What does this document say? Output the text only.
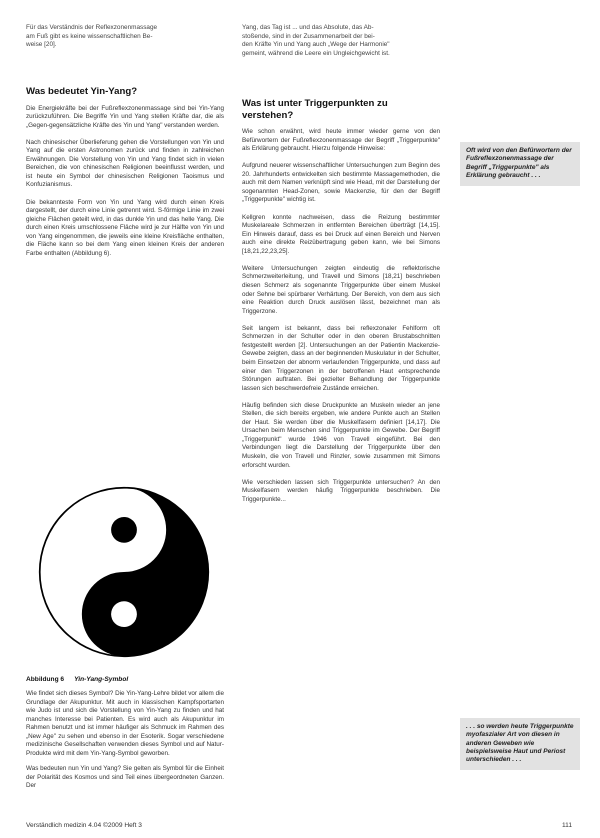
Für das Verständnis der Reflexzonenmassage
am Fuß gibt es keine wissenschaftlichen Be-
weise [20].
Yang, das Tag ist ... und das Absolute, das Ab-
stoßende, sind in der Zusammenarbeit der bei-
den Kräfte Yin und Yang auch „Wege der Harmonie"
gemeint, während die Leere ein Ungleichgewicht ist.
Was bedeutet Yin-Yang?

Die Energiekräfte bei der Fußreflexzonenmassage sind bei Yin-Yang zurückzuführen. Die Begriffe Yin und Yang stellen Kräfte dar, die als „Gegen-gegensätzliche Kräfte des Yin und Yang" verstanden werden.

Nach chinesischer Überlieferung gehen die Vorstellungen von Yin und Yang auf die ersten Astronomen zurück und finden in zahlreichen Erwähnungen. Die Vorstellung von Yin und Yang findet sich in vielen Bereichen, die von chinesischen Religionen beeinflusst werden, und ist heute ein Symbol der chinesischen Religionen Taoismus und Konfuzianismus.

Die bekannteste Form von Yin und Yang wird durch einen Kreis dargestellt, der durch eine Linie getrennt wird. S-förmige Linie im zwei gleiche Flächen geteilt wird, in das dunkle Yin und das helle Yang. Die durch einen Kreis umschlossene Fläche wird je zur Hälfte von Yin und von Yang eingenommen, die jeweils eine kleine Kreisfläche enthalten, die Fläche kann so bei dem Yang einen kleinen Kreis der anderen Farbe enthalten (Abbildung 6).

Abbildung 6 Yin-Yang-Symbol

Wie findet sich dieses Symbol? Die Yin-Yang-Lehre bildet vor allem die Grundlage der Akupunktur. Mit auch in klassischen Kampfsportarten wie Judo ist und sich die Vorstellung von Yin-Yang zu finden und hat manches Interesse bei Patienten. Es wird auch als Akupunktur im Rahmen benutzt und ist immer häufiger als Schmuck im Rahmen des „New Age" zu sehen und ebenso in der Esoterik. Sogar verschiedene medizinische Gesellschaften verwenden dieses Symbol und auf Natur-Produkte wird mit dem Yin-Yang-Symbol geworben.

Was bedeuten nun Yin und Yang? Sie gelten als Symbol für die Einheit der Polarität des Kosmos und sind Teil eines übergeordneten Ganzen. Der

Was ist unter Triggerpunkten zu verstehen?

Wie schon erwähnt, wird heute immer wieder gerne von den Befürwortern der Fußreflexzonenmassage der Begriff „Triggerpunkte" als Erklärung gebraucht. Hierzu folgende Hinweise:

Aufgrund neuerer wissenschaftlicher Untersuchungen zum Beginn des 20. Jahrhunderts entwickelten sich bestimmte Massagemethoden, die auch mit dem Namen verknüpft sind wie Head, mit der Darstellung der sogenannten Head-Zonen, sowie Mackenzie, für den der Begriff „Triggerpunkte" wichtig ist.

Kellgren konnte nachweisen, dass die Reizung bestimmter Muskelareale Schmerzen in entfernten Bereichen überträgt [14,15]. Ein Hinweis darauf, dass es bei Druck auf einen Bereich und Nerven auch eine direkte Reizübertragung geben kann, wie bei Simons [18,21,22,23,25].

Weitere Untersuchungen zeigten eindeutig die reflektorische Schmerzweiterleitung, und Travell und Simons [18,21] beschrieben diesen Schmerz als sogenannte Triggerpunkte über einem Muskel oder Sehne bei spürbarer Verhärtung. Der Bereich, von dem aus sich eine Reaktion durch Druck auslösen lässt, bezeichnet man als Triggerzone.

Seit langem ist bekannt, dass bei reflexzonaler Fehlform oft Schmerzen in der Schulter oder in den oberen Brustabschnitten festgestellt werden [2]. Untersuchungen an der Patientin Mackenzie-Gewebe zeigten, dass an der beginnenden Muskulatur in der Schulter, beim Einsetzen der abnorm verlaufenden Triggerpunkte, und dass auf einer den Triggerzonen in der betroffenen Haut entsprechende Störungen auftraten. Bei gezielter Behandlung der Triggerpunkte lassen sich beschwerdefreie Zustände erreichen.

Häufig befinden sich diese Druckpunkte an Muskeln wieder an jene Stellen, die sich bereits ergeben, wie andere Punkte auch an Stellen der Haut. Sie werden über die Muskelfasern definiert [14,17]. Die Ursachen beim Menschen sind Triggerpunkte im Gewebe. Der Begriff „Triggerpunkt" wurde 1946 von Travell eingeführt. Bei den Verbindungen liegt die Darstellung der Triggerpunkte über den Muskeln, die von Travell und Rinzler, sowie zusammen mit Simons erforscht wurden.

Wie verschieden lassen sich Triggerpunkte untersuchen? An den Muskelfasern werden häufig Triggerpunkte beschrieben. Die Triggerpunkte...

Oft wird von den Befürwortern der Fußreflexzonenmassage der Begriff „Triggerpunkte" als Erklärung gebraucht . . .
. . . so werden heute Triggerpunkte myofaszialer Art von diesen in anderen Geweben wie beispielsweise Haut und Periost unterschieden . . .
Verständlich medizin 4.04 ©2009 Heft 3	111
